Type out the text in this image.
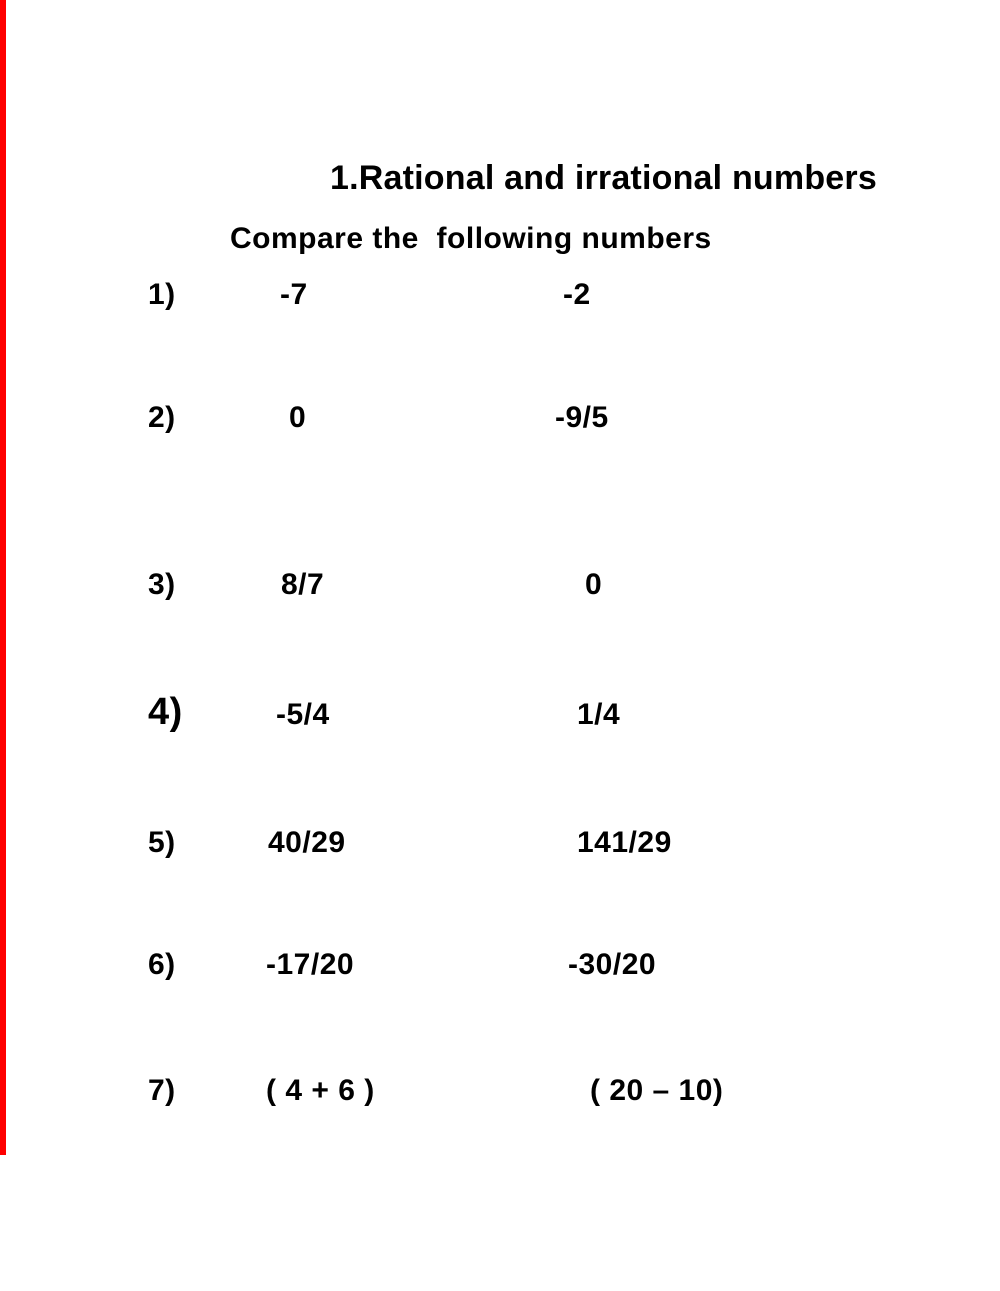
1.Rational and irrational numbers
Compare the  following numbers
1)	-7	-2
2)	0	-9/5
3)	8/7	0
4)	-5/4	1/4
5)	40/29	141/29
6)	-17/20	-30/20
7)	( 4 + 6 )	( 20 – 10)
